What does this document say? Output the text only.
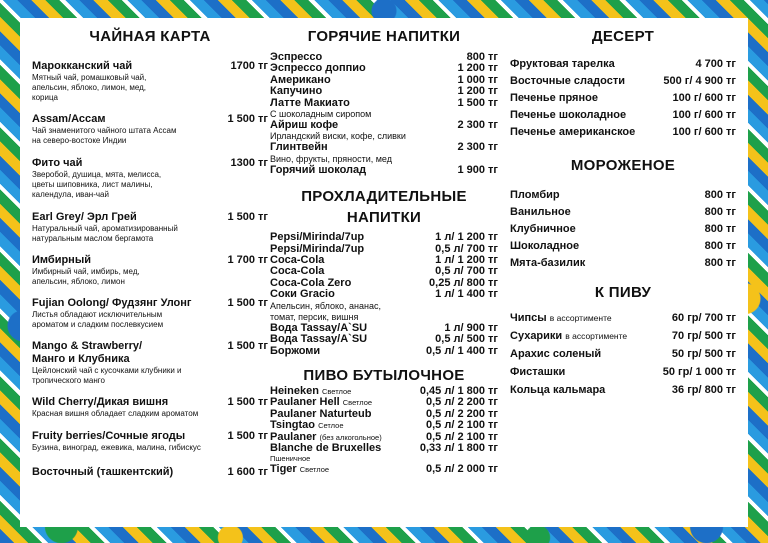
ЧАЙНАЯ КАРТА
Марокканский чай	1700 тг
Мятный чай, ромашковый чай, апельсин, яблоко, лимон, мед, корица
Assam/Ассам	1 500 тг
Чай знаменитого чайного штата Ассам на северо-востоке Индии
Фито чай	1300 тг
Зверобой, душица, мята, мелисса, цветы шиповника, лист малины, календула, иван-чай
Earl Grey/ Эрл Грей	1 500 тг
Натуральный чай, ароматизированный натуральным маслом бергамота
Имбирный	1 700 тг
Имбирный чай, имбирь, мед, апельсин, яблоко, лимон
Fujian Oolong/ Фудзянг Улонг	1 500 тг
Листья обладают исключительным ароматом и сладким послевкусием
Mango & Strawberry/ Манго и Клубника
1 500 тг
Цейлонский чай с кусочками клубники и тропического манго
Wild Cherry/Дикая вишня	1 500 тг
Красная вишня обладает сладким ароматом
Fruity berries/Сочные ягоды	1 500 тг
Бузина, виноград, ежевика, малина, гибискус
Восточный (ташкентский)	1 600 тг
ГОРЯЧИЕ НАПИТКИ
Эспрессо	800 тг
Эспрессо доппио	1 200 тг
Американо	1 000 тг
Капучино	1 200 тг
Латте Макиато	1 500 тг
С шоколадным сиропом
Айриш кофе	2 300 тг
Ирландский виски, кофе, сливки
Глинтвейн	2 300 тг
Вино, фрукты, пряности, мед
Горячий шоколад	1 900 тг
ПРОХЛАДИТЕЛЬНЫЕ
НАПИТКИ
Pepsi/Mirinda/7up	1 л/ 1 200 тг
Pepsi/Mirinda/7up	0,5 л/ 700 тг
Coca-Cola	1 л/ 1 200 тг
Coca-Cola	0,5 л/ 700 тг
Coca-Cola Zero	0,25 л/ 800 тг
Соки Gracio	1 л/ 1 400 тг
Апельсин, яблоко, ананас, томат, персик, вишня
Вода Tassay/A`SU	1 л/ 900 тг
Вода Tassay/A`SU	0,5 л/ 500 тг
Боржоми	0,5 л/ 1 400 тг
ПИВО БУТЫЛОЧНОЕ
Heineken Светлое	0,45 л/ 1 800 тг
Paulaner Hell Светлое	0,5 л/ 2 200 тг
Paulaner Naturteub	0,5 л/ 2 200 тг
Tsingtao Сетлое	0,5 л/ 2 100 тг
Paulaner (без алкогольное)	0,5 л/ 2 100 тг
Blanche de Bruxelles	0,33 л/ 1 800 тг
Пшеничное
Tiger Светлое	0,5 л/ 2 000 тг
ДЕСЕРТ
Фруктовая тарелка	4 700 тг
Восточные сладости	500 г/ 4 900 тг
Печенье пряное	100 г/ 600 тг
Печенье шоколадное	100 г/ 600 тг
Печенье американское	100 г/ 600 тг
МОРОЖЕНОЕ
Пломбир	800 тг
Ванильное	800 тг
Клубничное	800 тг
Шоколадное	800 тг
Мята-базилик	800 тг
К ПИВУ
Чипсы в ассортименте	60 гр/ 700 тг
Сухарики в ассортименте	70 гр/ 500 тг
Арахис соленый	50 гр/ 500 тг
Фисташки	50 гр/ 1 000 тг
Кольца кальмара	36 гр/ 800 тг
